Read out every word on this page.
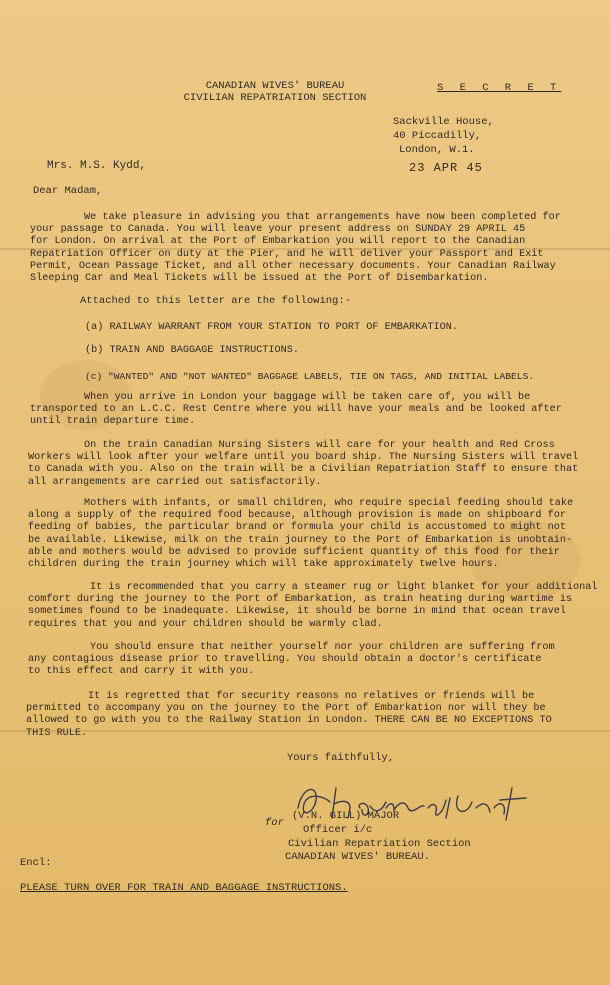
CANADIAN WIVES' BUREAU
CIVILIAN REPATRIATION SECTION
S E C R E T
Sackville House,
40 Piccadilly,
London, W.1.
Mrs. M.S. Kydd,	23 APR 45
Dear Madam,
We take pleasure in advising you that arrangements have now been completed for
your passage to Canada. You will leave your present address on SUNDAY 29 APRIL 45
for London. On arrival at the Port of Embarkation you will report to the Canadian
Repatriation Officer on duty at the Pier, and he will deliver your Passport and Exit
Permit, Ocean Passage Ticket, and all other necessary documents. Your Canadian Railway
Sleeping Car and Meal Tickets will be issued at the Port of Disembarkation.
Attached to this letter are the following:-
(a) RAILWAY WARRANT FROM YOUR STATION TO PORT OF EMBARKATION.
(b) TRAIN AND BAGGAGE INSTRUCTIONS.
(c) "WANTED" AND "NOT WANTED" BAGGAGE LABELS, TIE ON TAGS, AND INITIAL LABELS.
When you arrive in London your baggage will be taken care of, you will be
transported to an L.C.C. Rest Centre where you will have your meals and be looked after
until train departure time.
On the train Canadian Nursing Sisters will care for your health and Red Cross
Workers will look after your welfare until you board ship. The Nursing Sisters will travel
to Canada with you. Also on the train will be a Civilian Repatriation Staff to ensure that
all arrangements are carried out satisfactorily.
Mothers with infants, or small children, who require special feeding should take
along a supply of the required food because, although provision is made on shipboard for
feeding of babies, the particular brand or formula your child is accustomed to might not
be available. Likewise, milk on the train journey to the Port of Embarkation is unobtain-
able and mothers would be advised to provide sufficient quantity of this food for their
children during the train journey which will take approximately twelve hours.
It is recommended that you carry a steamer rug or light blanket for your additional
comfort during the journey to the Port of Embarkation, as train heating during wartime is
sometimes found to be inadequate. Likewise, it should be borne in mind that ocean travel
requires that you and your children should be warmly clad.
You should ensure that neither yourself nor your children are suffering from
any contagious disease prior to travelling. You should obtain a doctor's certificate
to this effect and carry it with you.
It is regretted that for security reasons no relatives or friends will be
permitted to accompany you on the journey to the Port of Embarkation nor will they be
allowed to go with you to the Railway Station in London. THERE CAN BE NO EXCEPTIONS TO
THIS RULE.
Yours faithfully,
for
(V.N. GILL) MAJOR
Officer i/c
Civilian Repatriation Section
CANADIAN WIVES' BUREAU.
Encl:
PLEASE TURN OVER FOR TRAIN AND BAGGAGE INSTRUCTIONS.
